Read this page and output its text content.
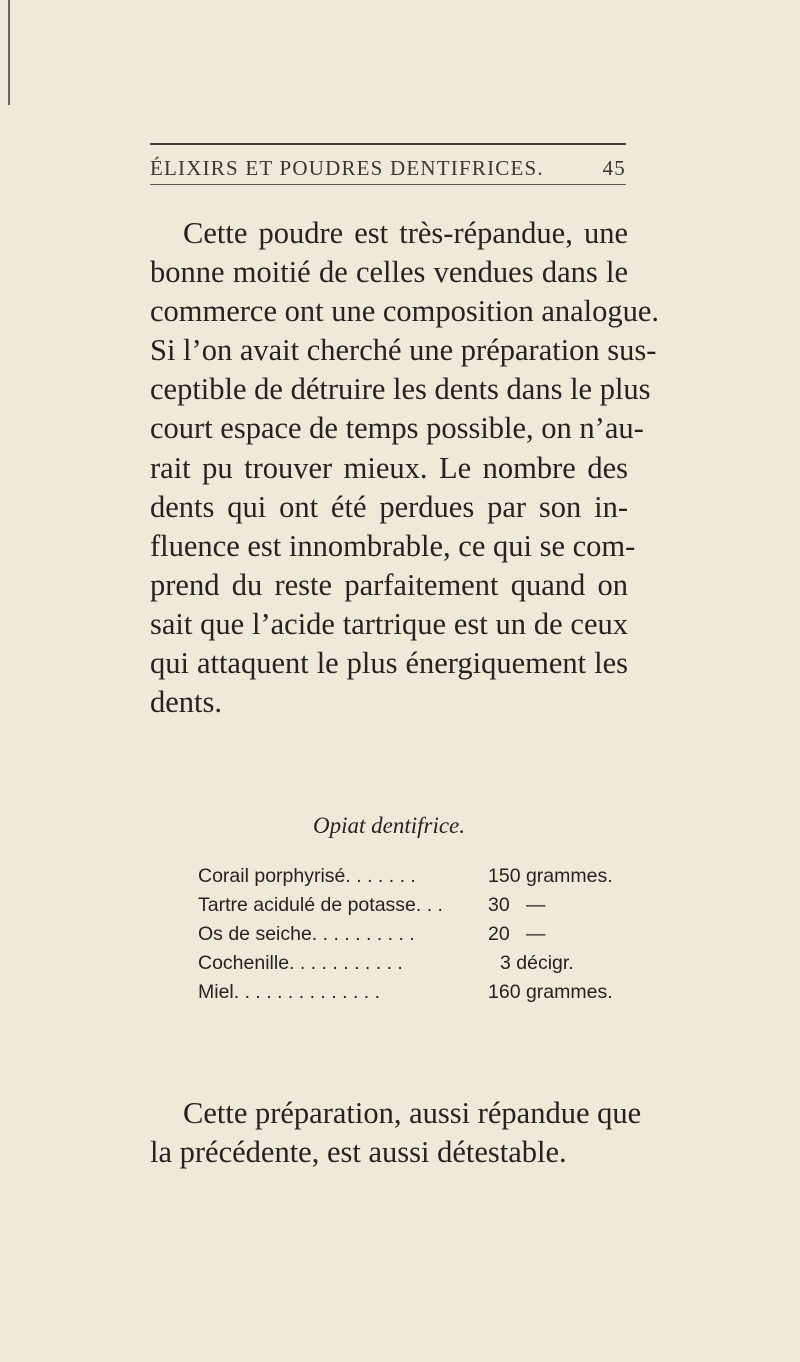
ÉLIXIRS ET POUDRES DENTIFRICES.	45

Cette poudre est très-répandue, une
bonne moitié de celles vendues dans le
commerce ont une composition analogue.
Si l’on avait cherché une préparation sus-
ceptible de détruire les dents dans le plus
court espace de temps possible, on n’au-
rait pu trouver mieux. Le nombre des
dents qui ont été perdues par son in-
fluence est innombrable, ce qui se com-
prend du reste parfaitement quand on
sait que l’acide tartrique est un de ceux
qui attaquent le plus énergiquement les
dents.

Opiat dentifrice.
Corail porphyrisé. . . . . . .	150 grammes.
Tartre acidulé de potasse. . . 30   —
Os de seiche. . . . . . . . . .	20   —
Cochenille. . . . . . . . . . .	3 décigr.
Miel. . . . . . . . . . . . . .	160 grammes.

Cette préparation, aussi répandue que
la précédente, est aussi détestable.
